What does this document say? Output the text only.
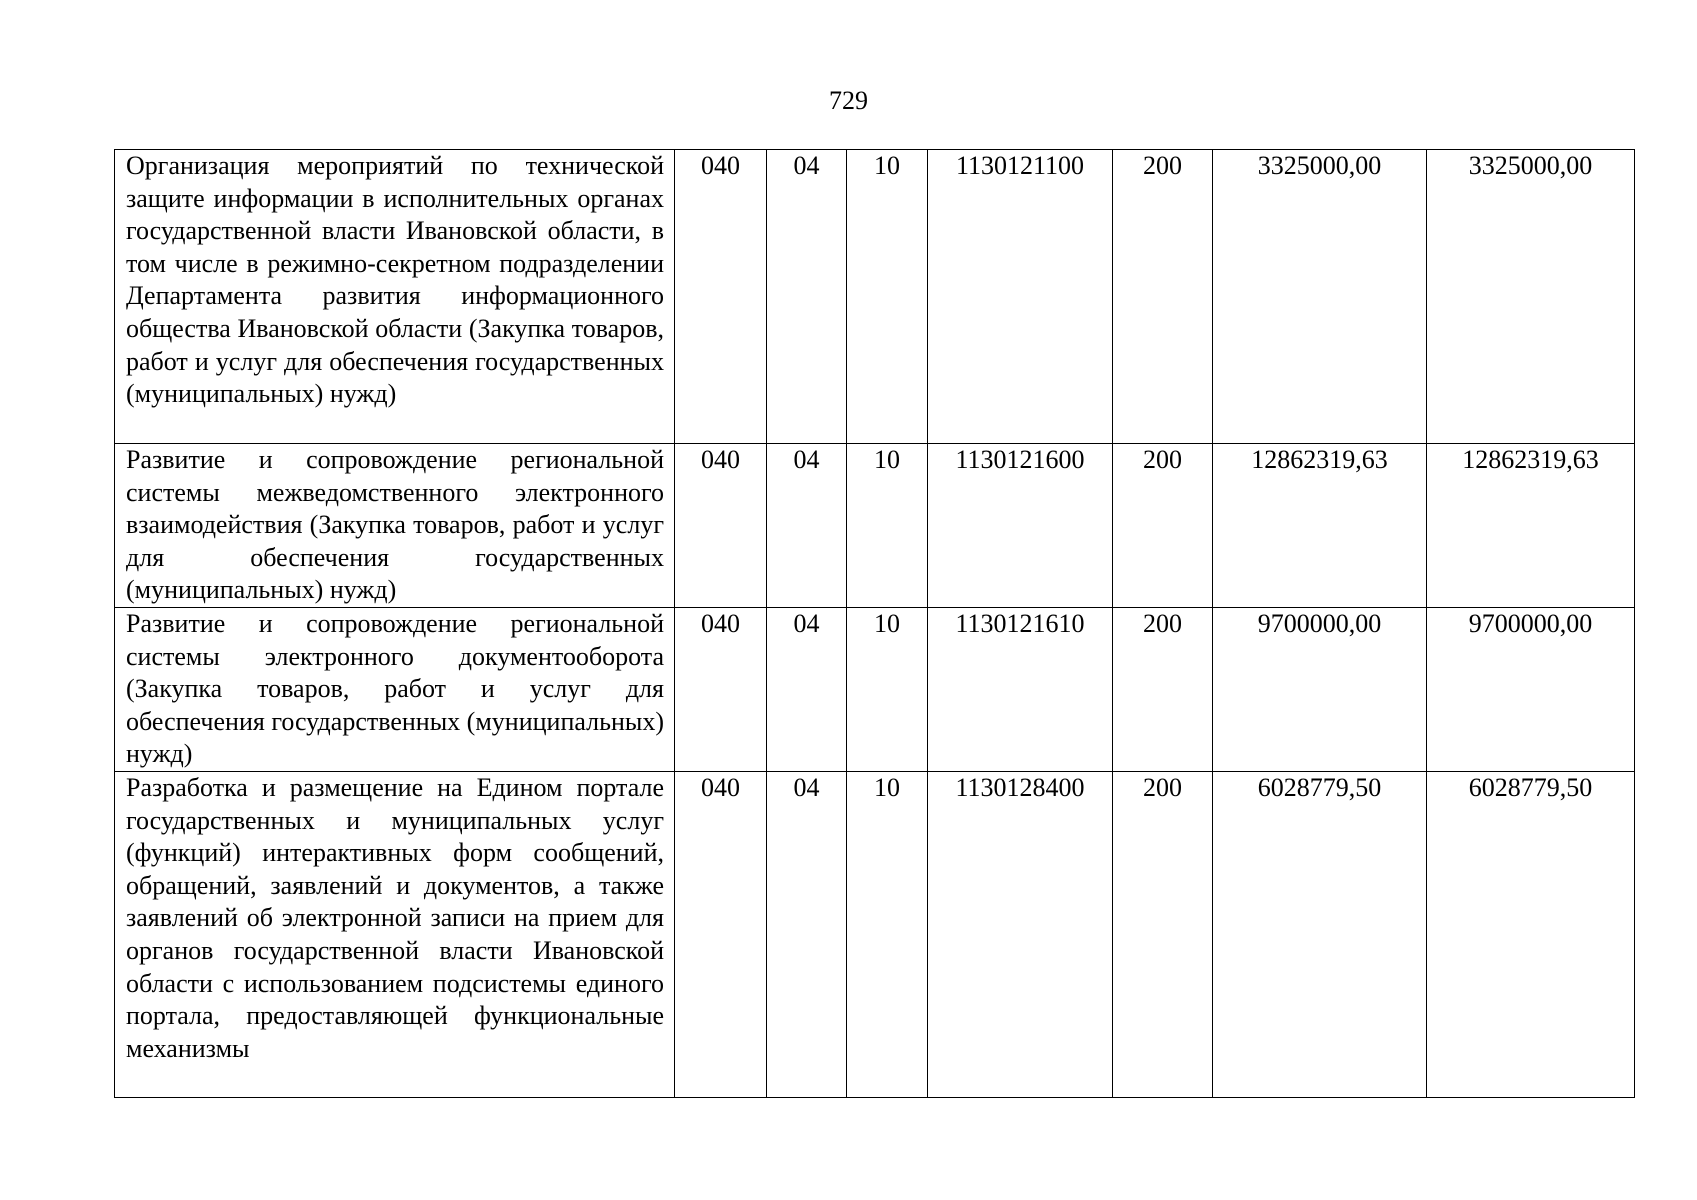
729
Организация мероприятий по технической защите информации в исполнительных органах государственной власти Ивановской области, в том числе в режимно-секретном подразделении Департамента развития информационного общества Ивановской области (Закупка товаров, работ и услуг для обеспечения государственных (муниципальных) нужд)	040	04	10	1130121100	200	3325000,00	3325000,00
Развитие и сопровождение региональной системы межведомственного электронного взаимодействия (Закупка товаров, работ и услуг для обеспечения государственных (муниципальных) нужд)	040	04	10	1130121600	200	12862319,63	12862319,63
Развитие и сопровождение региональной системы электронного документооборота (Закупка товаров, работ и услуг для обеспечения государственных (муниципальных) нужд)	040	04	10	1130121610	200	9700000,00	9700000,00
Разработка и размещение на Едином портале государственных и муниципальных услуг (функций) интерактивных форм сообщений, обращений, заявлений и документов, а также заявлений об электронной записи на прием для органов государственной власти Ивановской области с использованием подсистемы единого портала, предоставляющей функциональные механизмы	040	04	10	1130128400	200	6028779,50	6028779,50
